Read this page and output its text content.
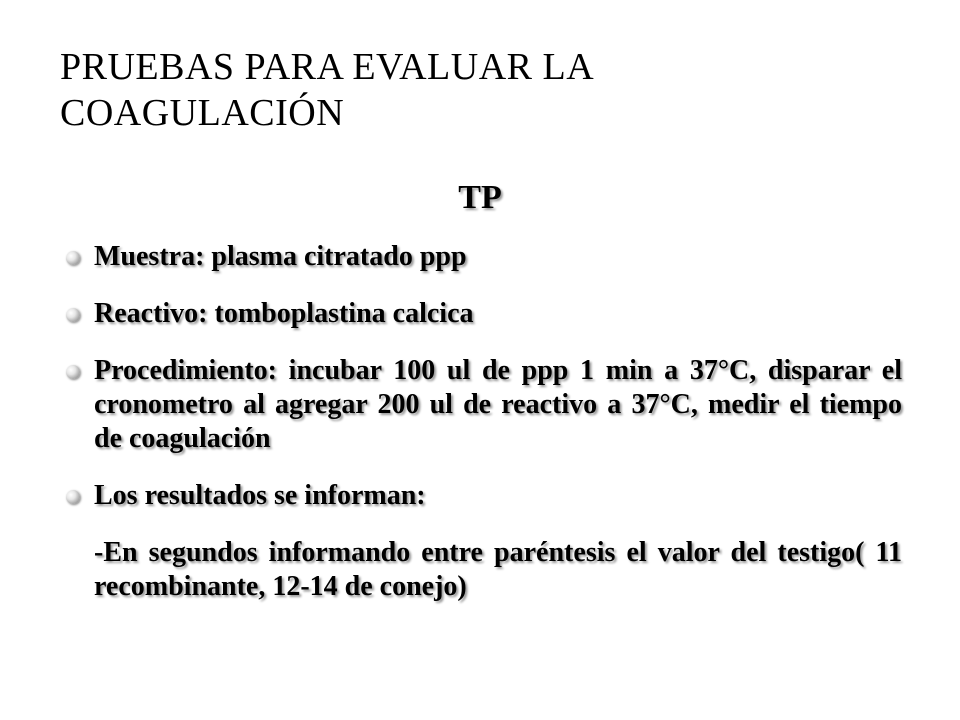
PRUEBAS PARA EVALUAR LA COAGULACIÓN
TP
Muestra: plasma citratado ppp
Reactivo: tomboplastina calcica
Procedimiento: incubar 100 ul de ppp 1 min a 37°C, disparar el cronometro al agregar 200 ul de reactivo a 37°C, medir el tiempo de coagulación
Los resultados se informan:
-En segundos informando entre paréntesis el valor del testigo( 11 recombinante, 12-14 de conejo)
